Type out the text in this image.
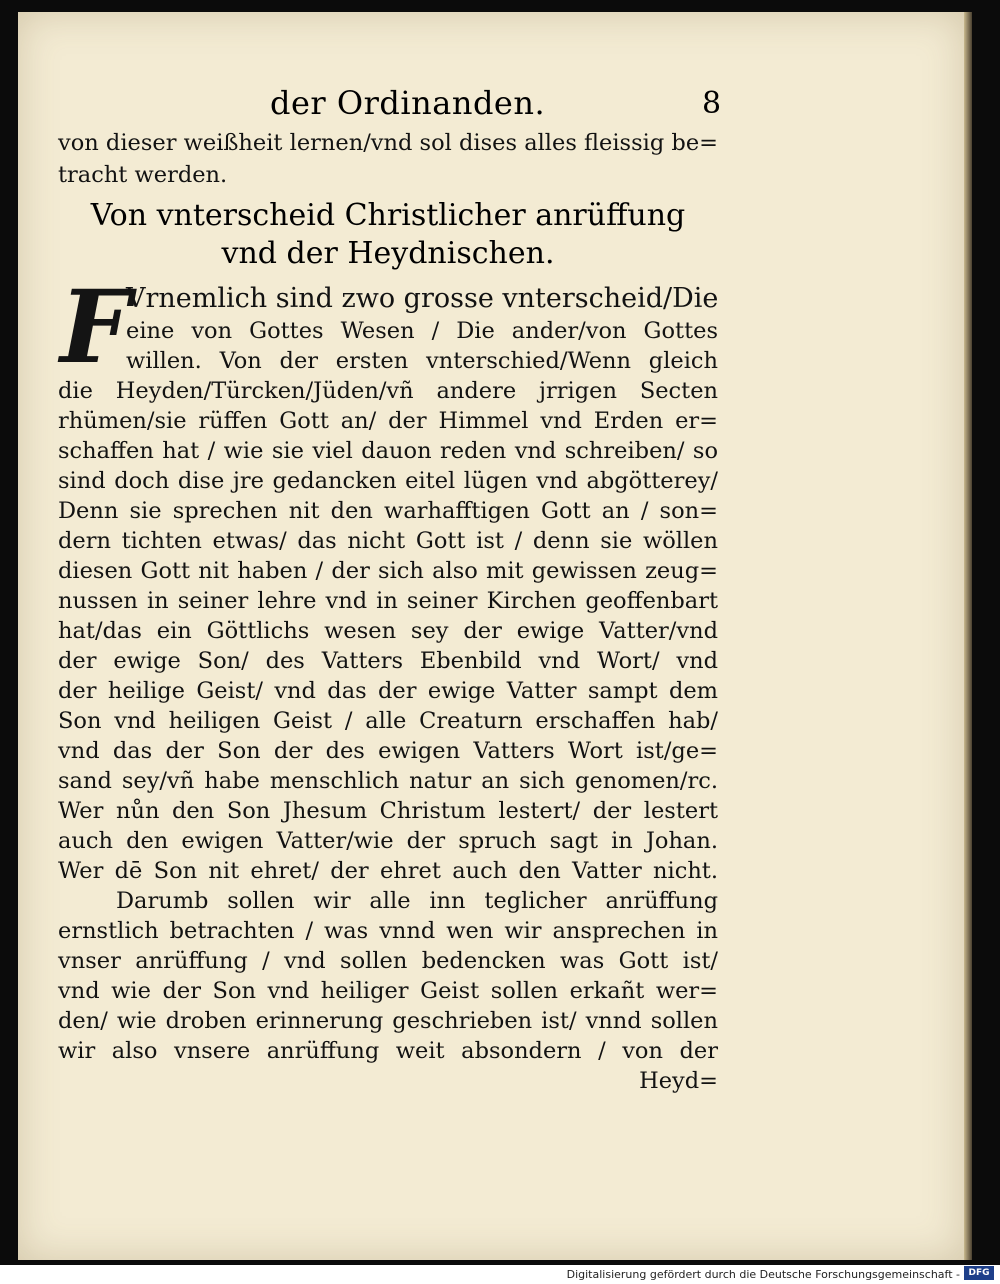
der Ordinanden.	8
von dieser weißheit lernen/vnd sol dises alles fleissig be=
tracht werden.
Von vnterscheid Christlicher anrüffung
vnd der Heydnischen.
F
Vrnemlich sind zwo grosse vnterscheid/Die
eine von Gottes Wesen / Die ander/von Gottes
willen. Von der ersten vnterschied/Wenn gleich
die Heyden/Türcken/Jüden/vñ andere jrrigen Secten
rhümen/sie rüffen Gott an/ der Himmel vnd Erden er=
schaffen hat / wie sie viel dauon reden vnd schreiben/ so
sind doch dise jre gedancken eitel lügen vnd abgötterey/
Denn sie sprechen nit den warhafftigen Gott an / son=
dern tichten etwas/ das nicht Gott ist / denn sie wöllen
diesen Gott nit haben / der sich also mit gewissen zeug=
nussen in seiner lehre vnd in seiner Kirchen geoffenbart
hat/das ein Göttlichs wesen sey der ewige Vatter/vnd
der ewige Son/ des Vatters Ebenbild vnd Wort/ vnd
der heilige Geist/ vnd das der ewige Vatter sampt dem
Son vnd heiligen Geist / alle Creaturn erschaffen hab/
vnd das der Son der des ewigen Vatters Wort ist/ge=
sand sey/vñ habe menschlich natur an sich genomen/rc.
Wer nůn den Son Jhesum Christum lestert/ der lestert
auch den ewigen Vatter/wie der spruch sagt in Johan.
Wer dē Son nit ehret/ der ehret auch den Vatter nicht.
Darumb sollen wir alle inn teglicher anrüffung
ernstlich betrachten / was vnnd wen wir ansprechen in
vnser anrüffung / vnd sollen bedencken was Gott ist/
vnd wie der Son vnd heiliger Geist sollen erkañt wer=
den/ wie droben erinnerung geschrieben ist/ vnnd sollen
wir also vnsere anrüffung weit absondern / von der
Heyd=
Digitalisierung gefördert durch die Deutsche Forschungsgemeinschaft - DFG
